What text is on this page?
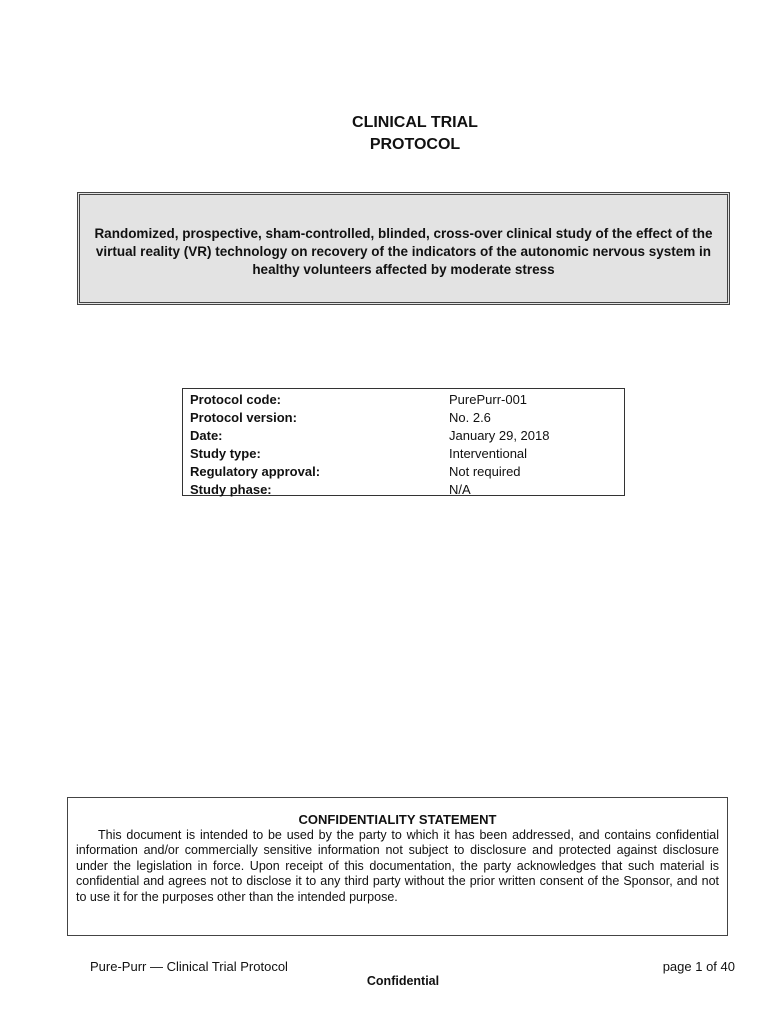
CLINICAL TRIAL
PROTOCOL
Randomized, prospective, sham-controlled, blinded, cross-over clinical study of the effect of the virtual reality (VR) technology on recovery of the indicators of the autonomic nervous system in healthy volunteers affected by moderate stress
Protocol code:	PurePurr-001
Protocol version:	No. 2.6
Date:	January 29, 2018
Study type:	Interventional
Regulatory approval:	Not required
Study phase:	N/A
CONFIDENTIALITY STATEMENT
This document is intended to be used by the party to which it has been addressed, and contains confidential information and/or commercially sensitive information not subject to disclosure and protected against disclosure under the legislation in force. Upon receipt of this documentation, the party acknowledges that such material is confidential and agrees not to disclose it to any third party without the prior written consent of the Sponsor, and not to use it for the purposes other than the intended purpose.
Pure-Purr — Clinical Trial Protocol	page 1 of 40
Confidential
